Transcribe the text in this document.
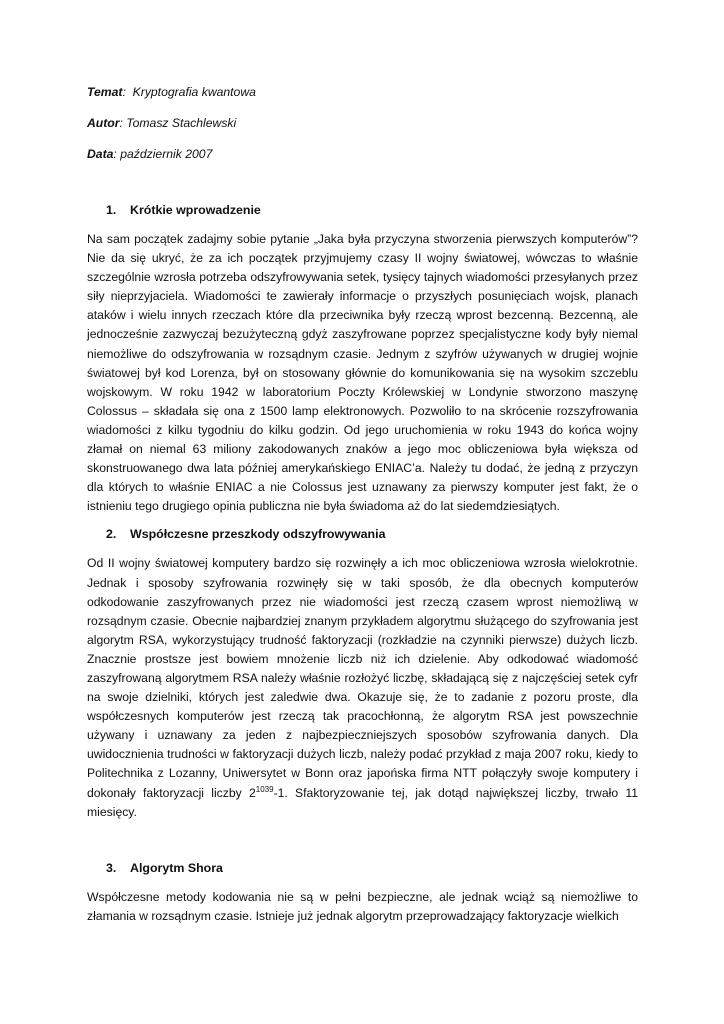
Temat:  Kryptografia kwantowa

Autor: Tomasz Stachlewski

Data: październik 2007

1. Krótkie wprowadzenie

Na sam początek zadajmy sobie pytanie „Jaka była przyczyna stworzenia pierwszych komputerów”? Nie da się ukryć, że za ich początek przyjmujemy czasy II wojny światowej, wówczas to właśnie szczególnie wzrosła potrzeba odszyfrowywania setek, tysięcy tajnych wiadomości przesyłanych przez siły nieprzyjaciela. Wiadomości te zawierały informacje o przyszłych posunięciach wojsk, planach ataków i wielu innych rzeczach które dla przeciwnika były rzeczą wprost bezcenną. Bezcenną, ale jednocześnie zazwyczaj bezużyteczną gdyż zaszyfrowane poprzez specjalistyczne kody były niemal niemożliwe do odszyfrowania w rozsądnym czasie. Jednym z szyfrów używanych w drugiej wojnie światowej był kod Lorenza, był on stosowany głównie do komunikowania się na wysokim szczeblu wojskowym. W roku 1942 w laboratorium Poczty Królewskiej w Londynie stworzono maszynę Colossus – składała się ona z 1500 lamp elektronowych. Pozwoliło to na skrócenie rozszyfrowania wiadomości z kilku tygodniu do kilku godzin. Od jego uruchomienia w roku 1943 do końca wojny złamał on niemal 63 miliony zakodowanych znaków a jego moc obliczeniowa była większa od skonstruowanego dwa lata później amerykańskiego ENIAC’a. Należy tu dodać, że jedną z przyczyn dla których to właśnie ENIAC a nie Colossus jest uznawany za pierwszy komputer jest fakt, że o istnieniu tego drugiego opinia publiczna nie była świadoma aż do lat siedemdziesiątych.

2. Współczesne przeszkody odszyfrowywania

Od II wojny światowej komputery bardzo się rozwinęły a ich moc obliczeniowa wzrosła wielokrotnie. Jednak i sposoby szyfrowania rozwinęły się w taki sposób, że dla obecnych komputerów odkodowanie zaszyfrowanych przez nie wiadomości jest rzeczą czasem wprost niemożliwą w rozsądnym czasie. Obecnie najbardziej znanym przykładem algorytmu służącego do szyfrowania jest algorytm RSA, wykorzystujący trudność faktoryzacji (rozkładzie na czynniki pierwsze) dużych liczb. Znacznie prostsze jest bowiem mnożenie liczb niż ich dzielenie. Aby odkodować wiadomość zaszyfrowaną algorytmem RSA należy właśnie rozłożyć liczbę, składającą się z najczęściej setek cyfr na swoje dzielniki, których jest zaledwie dwa. Okazuje się, że to zadanie z pozoru proste, dla współczesnych komputerów jest rzeczą tak pracochłonną, że algorytm RSA jest powszechnie używany i uznawany za jeden z najbezpieczniejszych sposobów szyfrowania danych. Dla uwidocznienia trudności w faktoryzacji dużych liczb, należy podać przykład z maja 2007 roku, kiedy to Politechnika z Lozanny, Uniwersytet w Bonn oraz japońska firma NTT połączyły swoje komputery i dokonały faktoryzacji liczby $2^{1039}-1$. Sfaktoryzowanie tej, jak dotąd największej liczby, trwało 11 miesięcy.

3. Algorytm Shora

Współczesne metody kodowania nie są w pełni bezpieczne, ale jednak wciąż są niemożliwe to złamania w rozsądnym czasie. Istnieje już jednak algorytm przeprowadzający faktoryzacje wielkich
